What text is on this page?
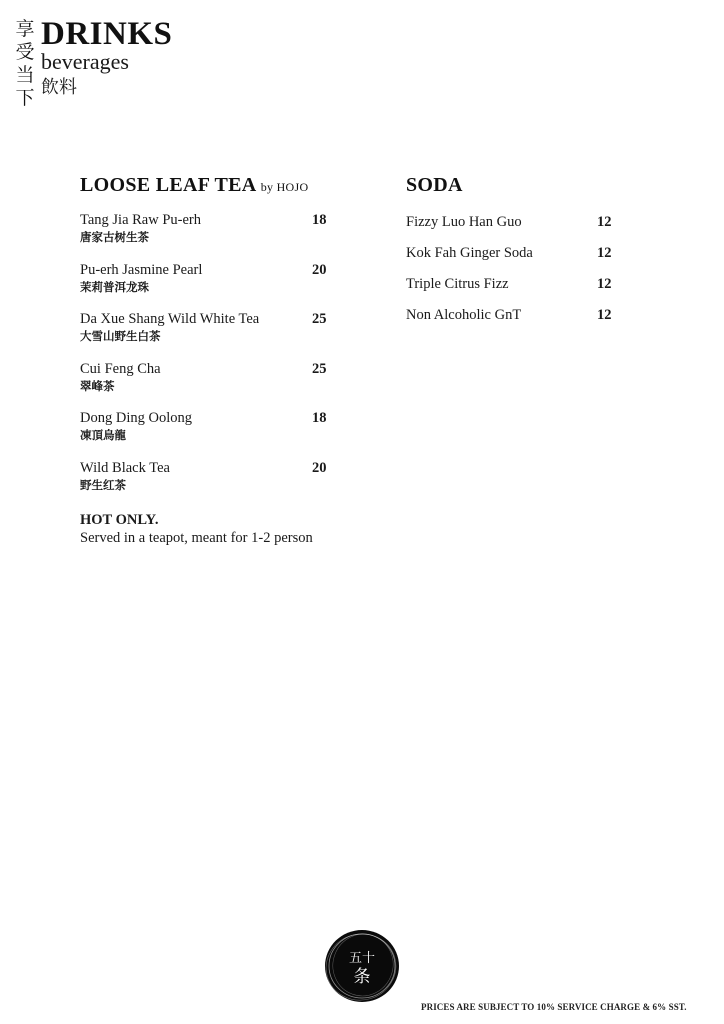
享
受
当
下
DRINKS
beverages
飲料
LOOSE LEAF TEA by HOJO
Tang Jia Raw Pu-erh
唐家古树生茶
18
Pu-erh Jasmine Pearl
茉莉普洱龙珠
20
Da Xue Shang Wild White Tea
大雪山野生白茶
25
Cui Feng Cha
翠峰茶
25
Dong Ding Oolong
凍頂烏龍
18
Wild Black Tea
野生红茶
20
HOT ONLY.
Served in a teapot, meant for 1-2 person
SODA
Fizzy Luo Han Guo	12
Kok Fah Ginger Soda	12
Triple Citrus Fizz	12
Non Alcoholic GnT	12
五十
条
PRICES ARE SUBJECT TO 10% SERVICE CHARGE & 6% SST.
